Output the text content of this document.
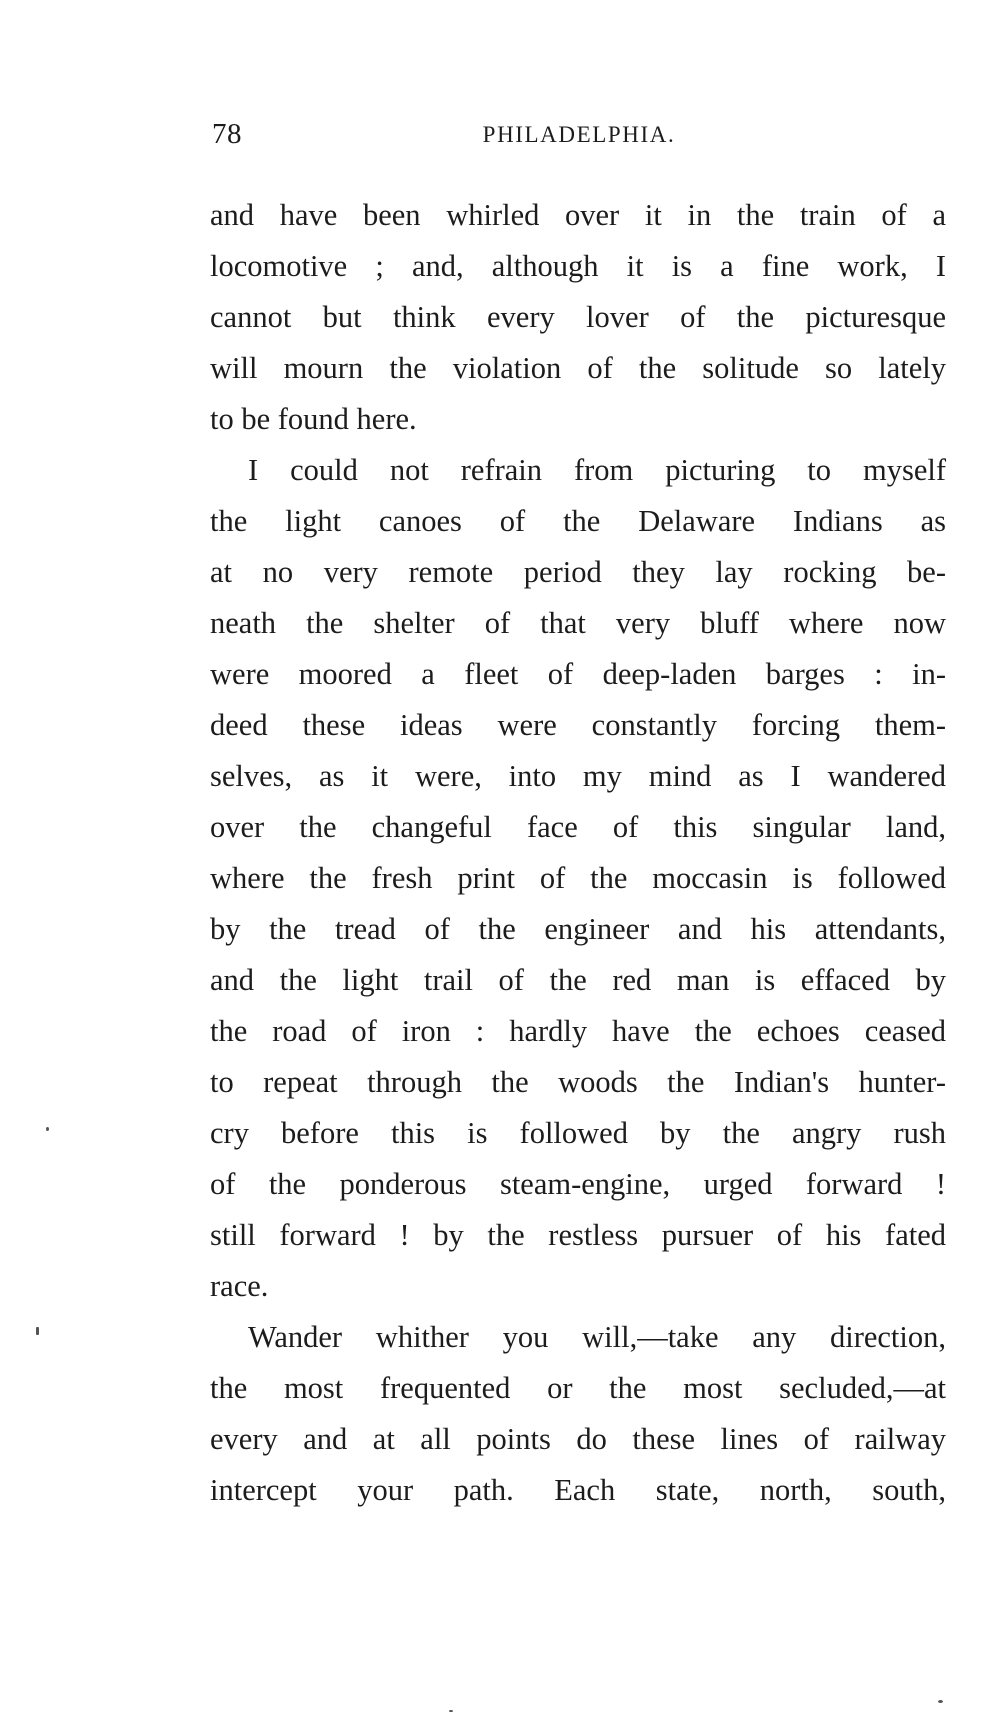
78	PHILADELPHIA.
and have been whirled over it in the train of a
locomotive ; and, although it is a fine work, I
cannot but think every lover of the picturesque
will mourn the violation of the solitude so lately
to be found here.
I could not refrain from picturing to myself
the light canoes of the Delaware Indians as
at no very remote period they lay rocking be-
neath the shelter of that very bluff where now
were moored a fleet of deep-laden barges : in-
deed these ideas were constantly forcing them-
selves, as it were, into my mind as I wandered
over the changeful face of this singular land,
where the fresh print of the moccasin is followed
by the tread of the engineer and his attendants,
and the light trail of the red man is effaced by
the road of iron : hardly have the echoes ceased
to repeat through the woods the Indian's hunter-
cry before this is followed by the angry rush
of the ponderous steam-engine, urged forward !
still forward ! by the restless pursuer of his fated
race.
Wander whither you will,—take any direction,
the most frequented or the most secluded,—at
every and at all points do these lines of railway
intercept your path. Each state, north, south,
